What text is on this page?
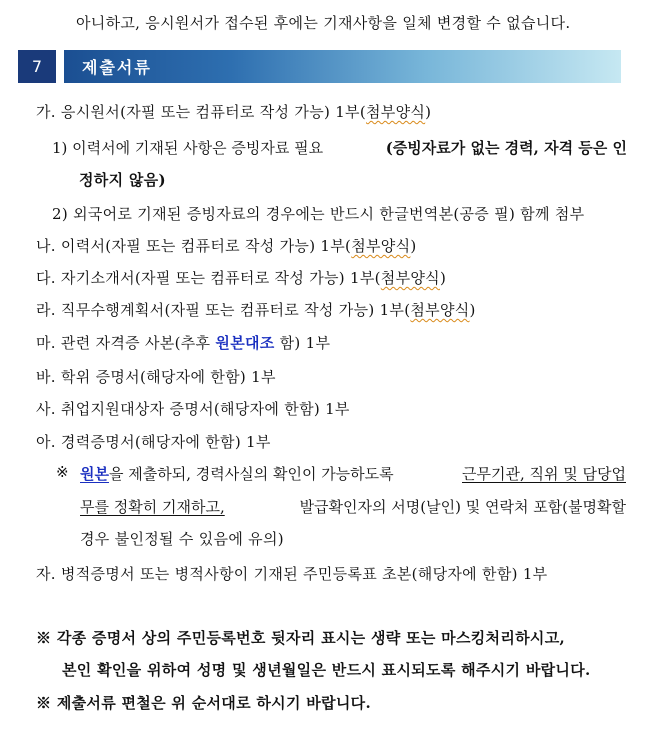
아니하고, 응시원서가 접수된 후에는 기재사항을 일체 변경할 수 없습니다.
7	제출서류
가. 응시원서(자필 또는 컴퓨터로 작성 가능) 1부(첨부양식)
1) 이력서에 기재된 사항은 증빙자료 필요	(증빙자료가 없는 경력, 자격 등은 인
정하지 않음)
2) 외국어로 기재된 증빙자료의 경우에는 반드시 한글번역본(공증 필) 함께 첨부
나. 이력서(자필 또는 컴퓨터로 작성 가능) 1부(첨부양식)
다. 자기소개서(자필 또는 컴퓨터로 작성 가능) 1부(첨부양식)
라. 직무수행계획서(자필 또는 컴퓨터로 작성 가능) 1부(첨부양식)
마. 관련 자격증 사본(추후 원본대조 함) 1부
바. 학위 증명서(해당자에 한함) 1부
사. 취업지원대상자 증명서(해당자에 한함) 1부
아. 경력증명서(해당자에 한함) 1부
※ 원본을 제출하되, 경력사실의 확인이 가능하도록	근무기관, 직위 및 담당업
무를 정확히 기재하고,	발급확인자의 서명(날인) 및 연락처 포함(불명확할
경우 불인정될 수 있음에 유의)
자. 병적증명서 또는 병적사항이 기재된 주민등록표 초본(해당자에 한함) 1부
※ 각종 증명서 상의 주민등록번호 뒷자리 표시는 생략 또는 마스킹처리하시고,
본인 확인을 위하여 성명 및 생년월일은 반드시 표시되도록 해주시기 바랍니다.
※ 제출서류 편철은 위 순서대로 하시기 바랍니다.
